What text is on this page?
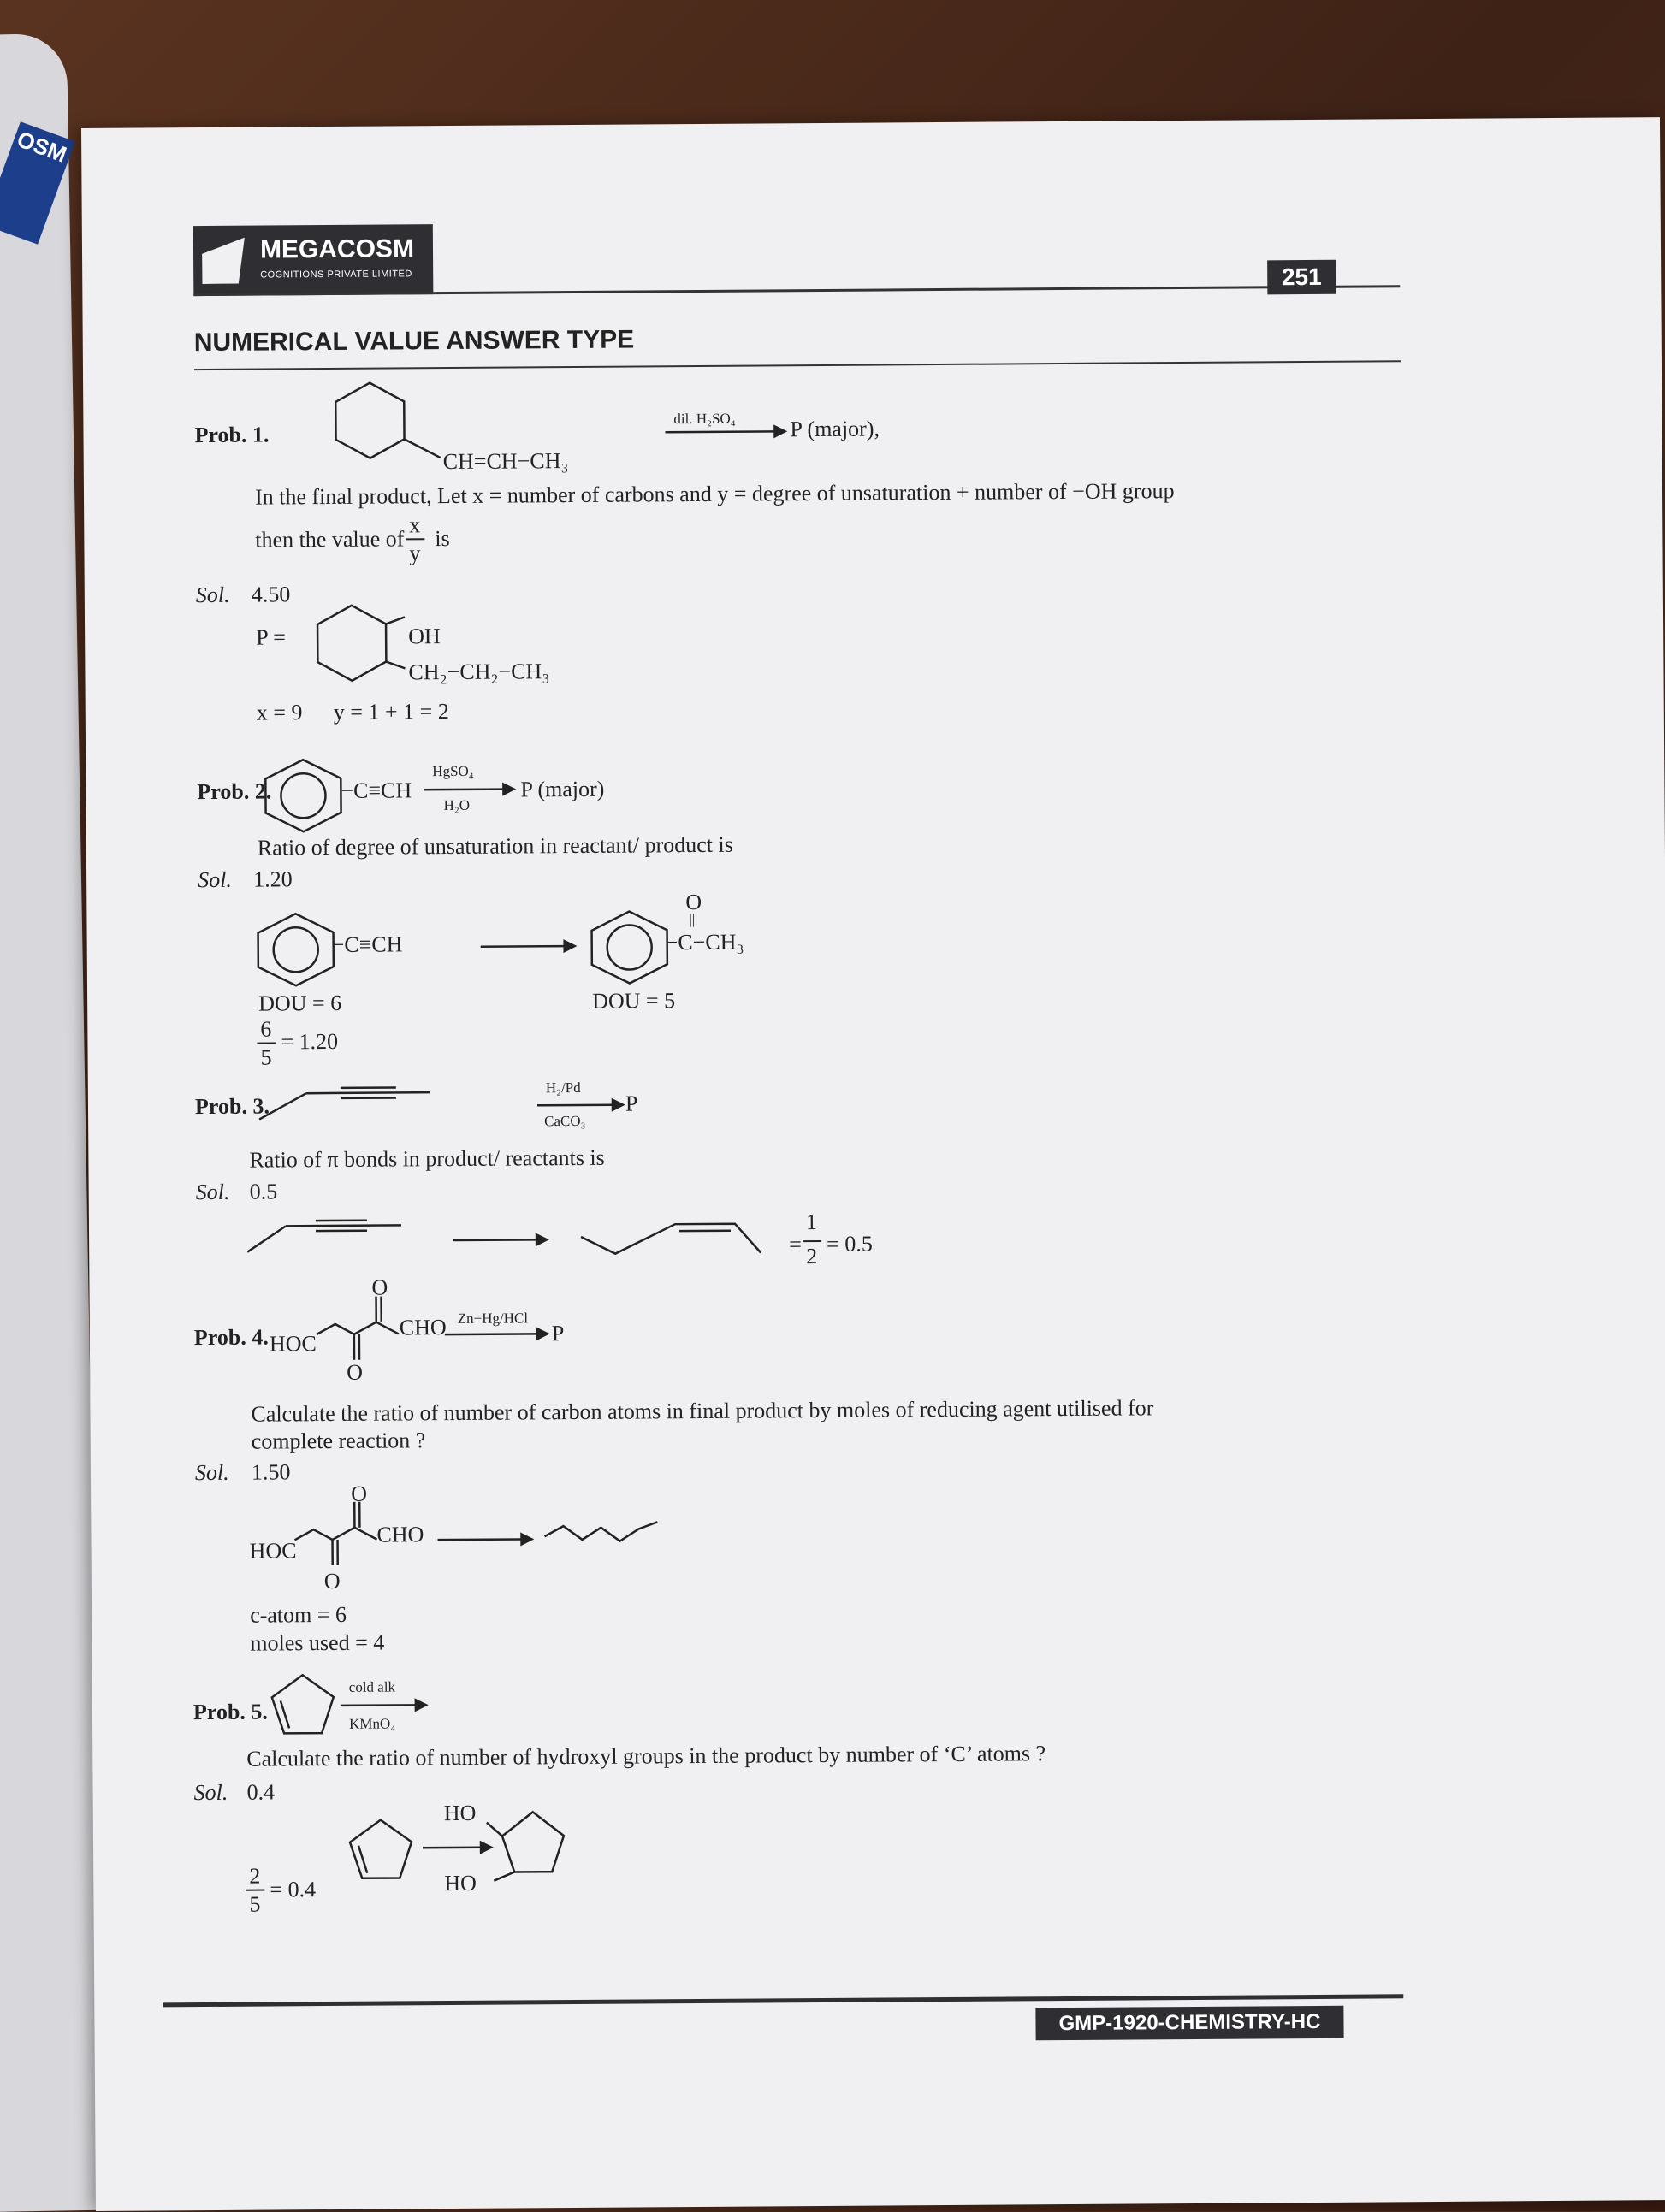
OSM
MEGACOSM
COGNITIONS PRIVATE LIMITED	251
NUMERICAL VALUE ANSWER TYPE
Prob. 1.
CH=CH−CH₃
dil. H₂SO₄ P (major),
In the final product, Let x = number of carbons and y = degree of unsaturation + number of −OH group
then the value of
x
y
is
Sol. 4.50
P =	OH
CH₂−CH₂−CH₃
x = 9 y = 1 + 1 = 2
Prob. 2.	−C≡CH
HgSO₄
H₂O
P (major)
Ratio of degree of unsaturation in reactant/ product is
Sol. 1.20
−C≡CH
O
||
−C−CH₃
DOU = 6	DOU = 5
6
5
= 1.20
Prob. 3.
H₂/Pd
CaCO₃
P
Ratio of π bonds in product/ reactants is
Sol. 0.5
=
1
2 = 0.5
Prob. 4. HOC
O
O
CHO Zn−Hg/HCl
P
Calculate the ratio of number of carbon atoms in final product by moles of reducing agent utilised for
complete reaction ?
Sol. 1.50
HOC
O
O
CHO
c-atom = 6
moles used = 4
Prob. 5.
cold alk
KMnO₄
Calculate the ratio of number of hydroxyl groups in the product by number of ‘C’ atoms ?
Sol. 0.4
HO
HO
2
5
= 0.4
GMP-1920-CHEMISTRY-HC
